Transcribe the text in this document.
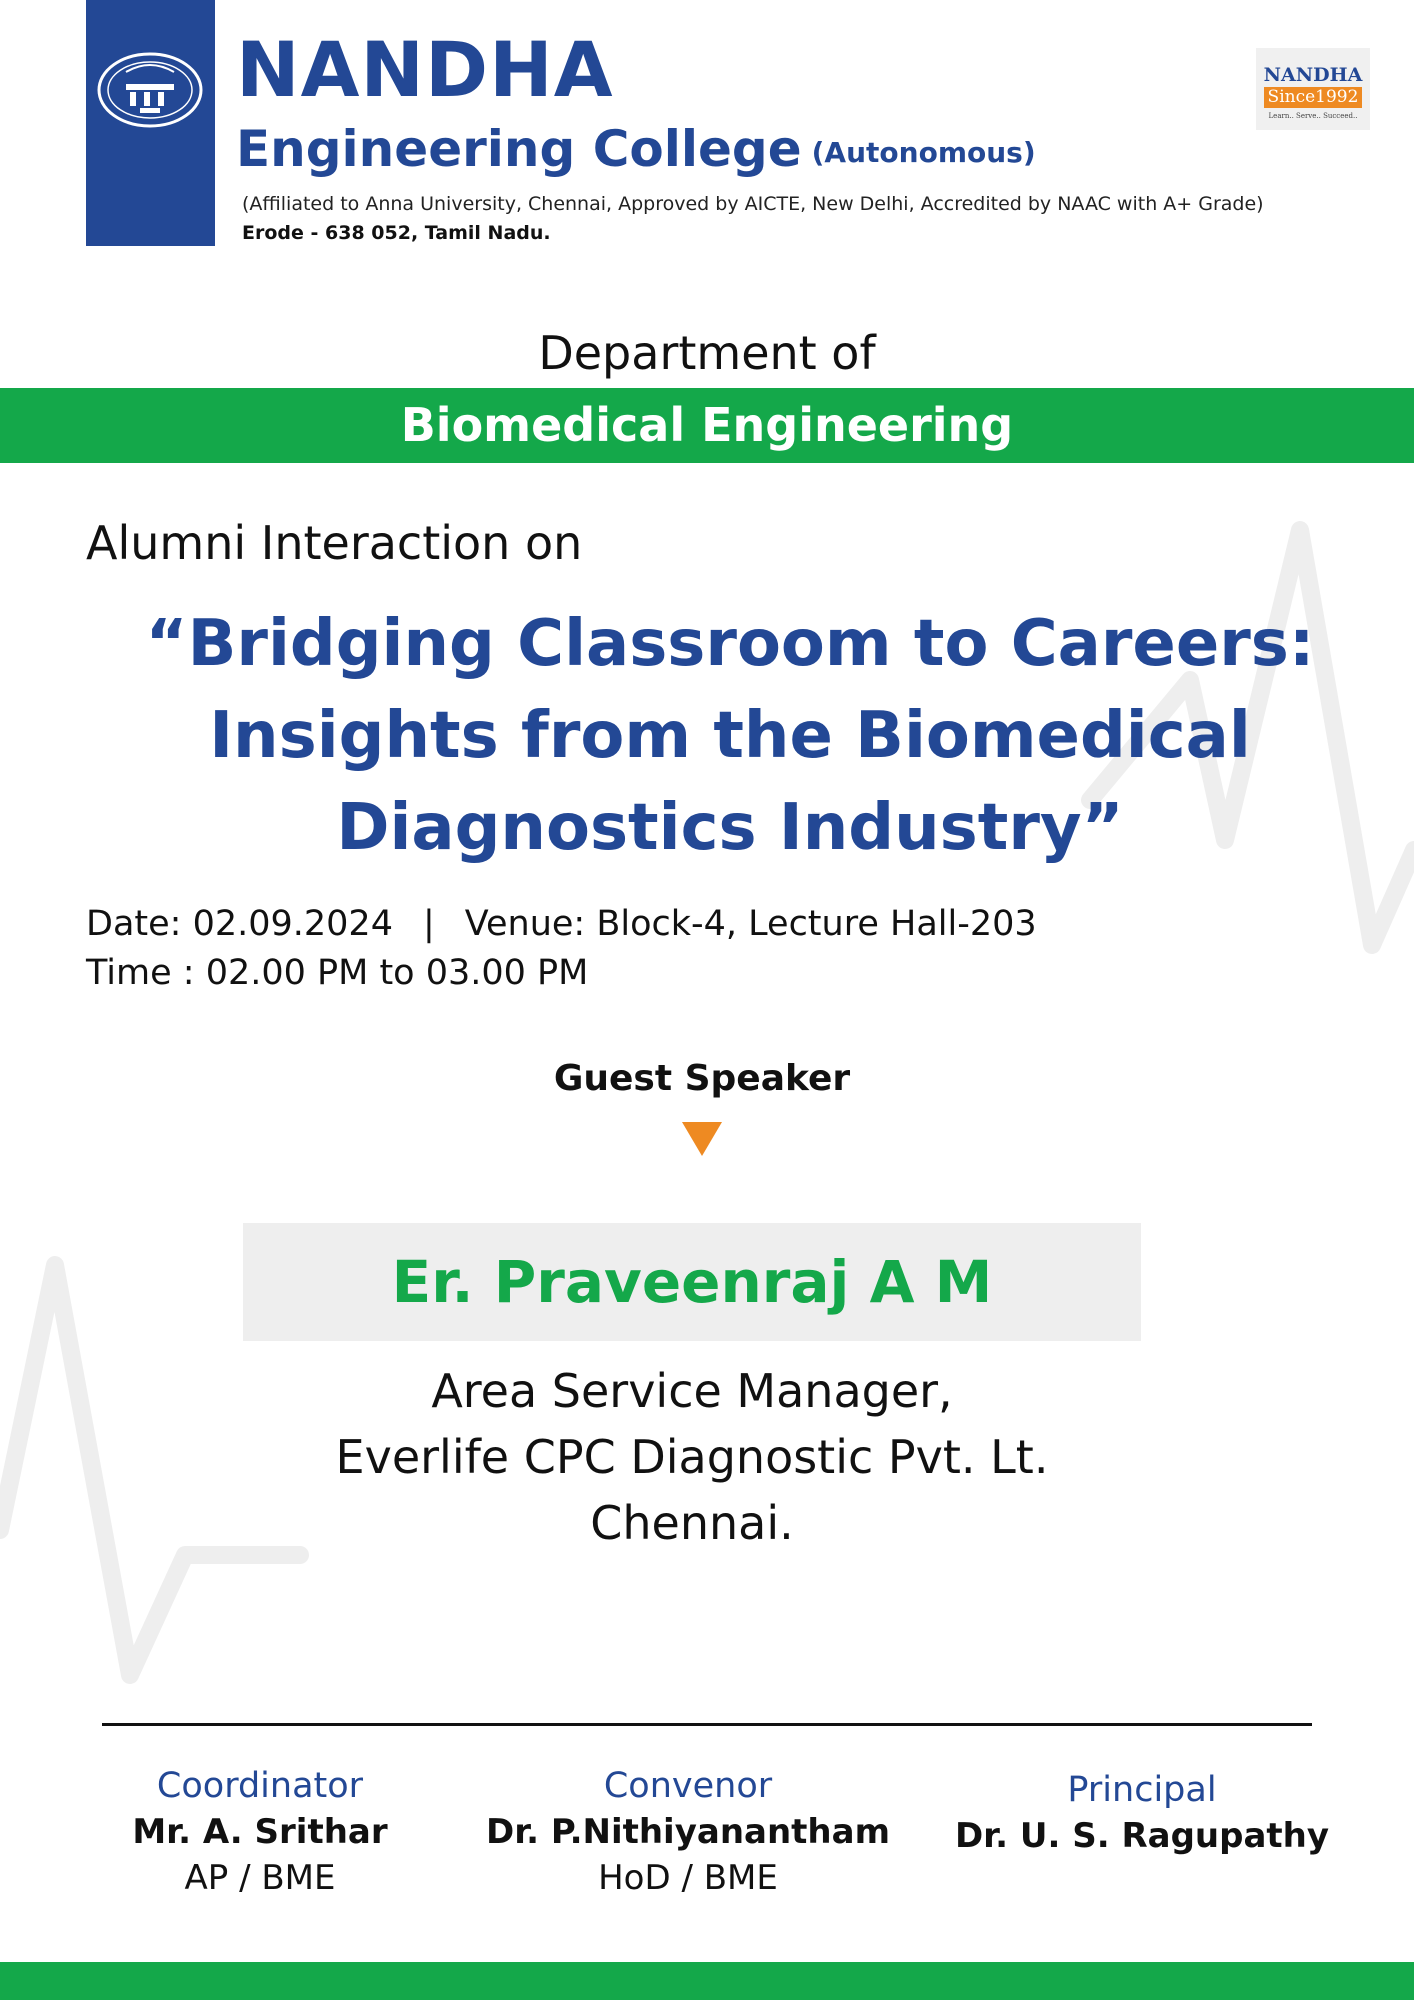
NANDHA
Engineering College (Autonomous)
(Affiliated to Anna University, Chennai, Approved by AICTE, New Delhi, Accredited by NAAC with A+ Grade)
Erode - 638 052, Tamil Nadu.
NANDHA
Since1992
Learn.. Serve.. Succeed..
Department of
Biomedical Engineering
Alumni Interaction on
“Bridging Classroom to Careers:
Insights from the Biomedical
Diagnostics Industry”
Date: 02.09.2024 | Venue: Block-4, Lecture Hall-203
Time : 02.00 PM to 03.00 PM
Guest Speaker
Er. Praveenraj A M
Area Service Manager,
Everlife CPC Diagnostic Pvt. Lt.
Chennai.
Coordinator
Mr. A. Srithar
AP / BME
Convenor
Dr. P.Nithiyanantham
HoD / BME
Principal
Dr. U. S. Ragupathy
